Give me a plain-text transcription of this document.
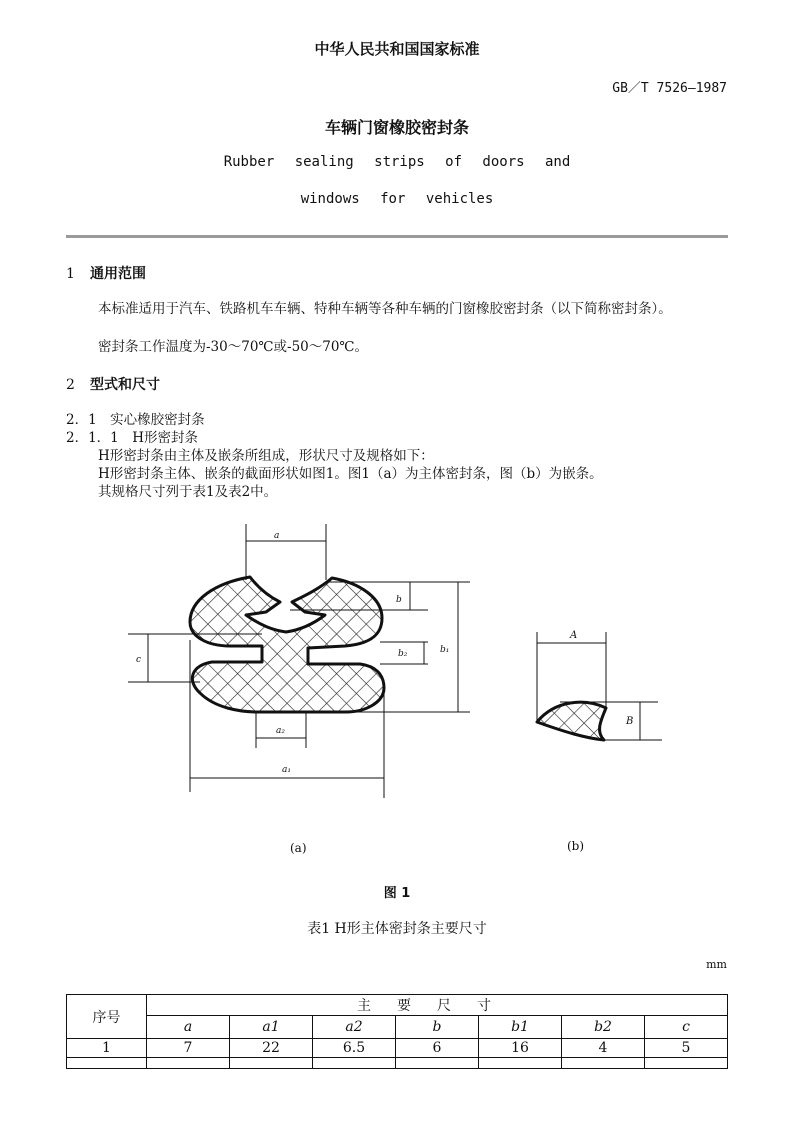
中华人民共和国国家标准
GB／T 7526—1987
车辆门窗橡胶密封条
Rubber sealing strips of doors and
windows for vehicles
1 通用范围
本标准适用于汽车、铁路机车车辆、特种车辆等各种车辆的门窗橡胶密封条（以下简称密封条）。
密封条工作温度为-30～70℃或-50～70℃。
2 型式和尺寸
2．1　实心橡胶密封条
2．1．1　H形密封条
H形密封条由主体及嵌条所组成，形状尺寸及规格如下：
H形密封条主体、嵌条的截面形状如图1。图1（a）为主体密封条，图（b）为嵌条。
其规格尺寸列于表1及表2中。
a
b
b₂	b₁
c
a₂
a₁
A
B
(a)	(b)
图 1
表1 H形主体密封条主要尺寸
mm
序号	主要尺寸						
	a	a1	a2	b	b1	b2	c
1	7	22	6.5	6	16	4	5
